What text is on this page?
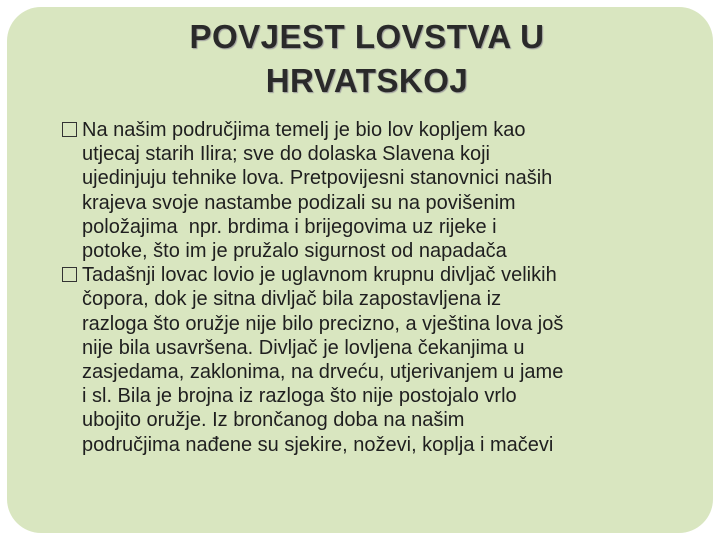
POVJEST LOVSTVA U
HRVATSKOJ
Na našim područjima temelj je bio lov kopljem kao
utjecaj starih Ilira; sve do dolaska Slavena koji
ujedinjuju tehnike lova. Pretpovijesni stanovnici naših
krajeva svoje nastambe podizali su na povišenim
položajima  npr. brdima i brijegovima uz rijeke i
potoke, što im je pružalo sigurnost od napadača
Tadašnji lovac lovio je uglavnom krupnu divljač velikih
čopora, dok je sitna divljač bila zapostavljena iz
razloga što oružje nije bilo precizno, a vještina lova još
nije bila usavršena. Divljač je lovljena čekanjima u
zasjedama, zaklonima, na drveću, utjerivanjem u jame
i sl. Bila je brojna iz razloga što nije postojalo vrlo
ubojito oružje. Iz brončanog doba na našim
područjima nađene su sjekire, noževi, koplja i mačevi
